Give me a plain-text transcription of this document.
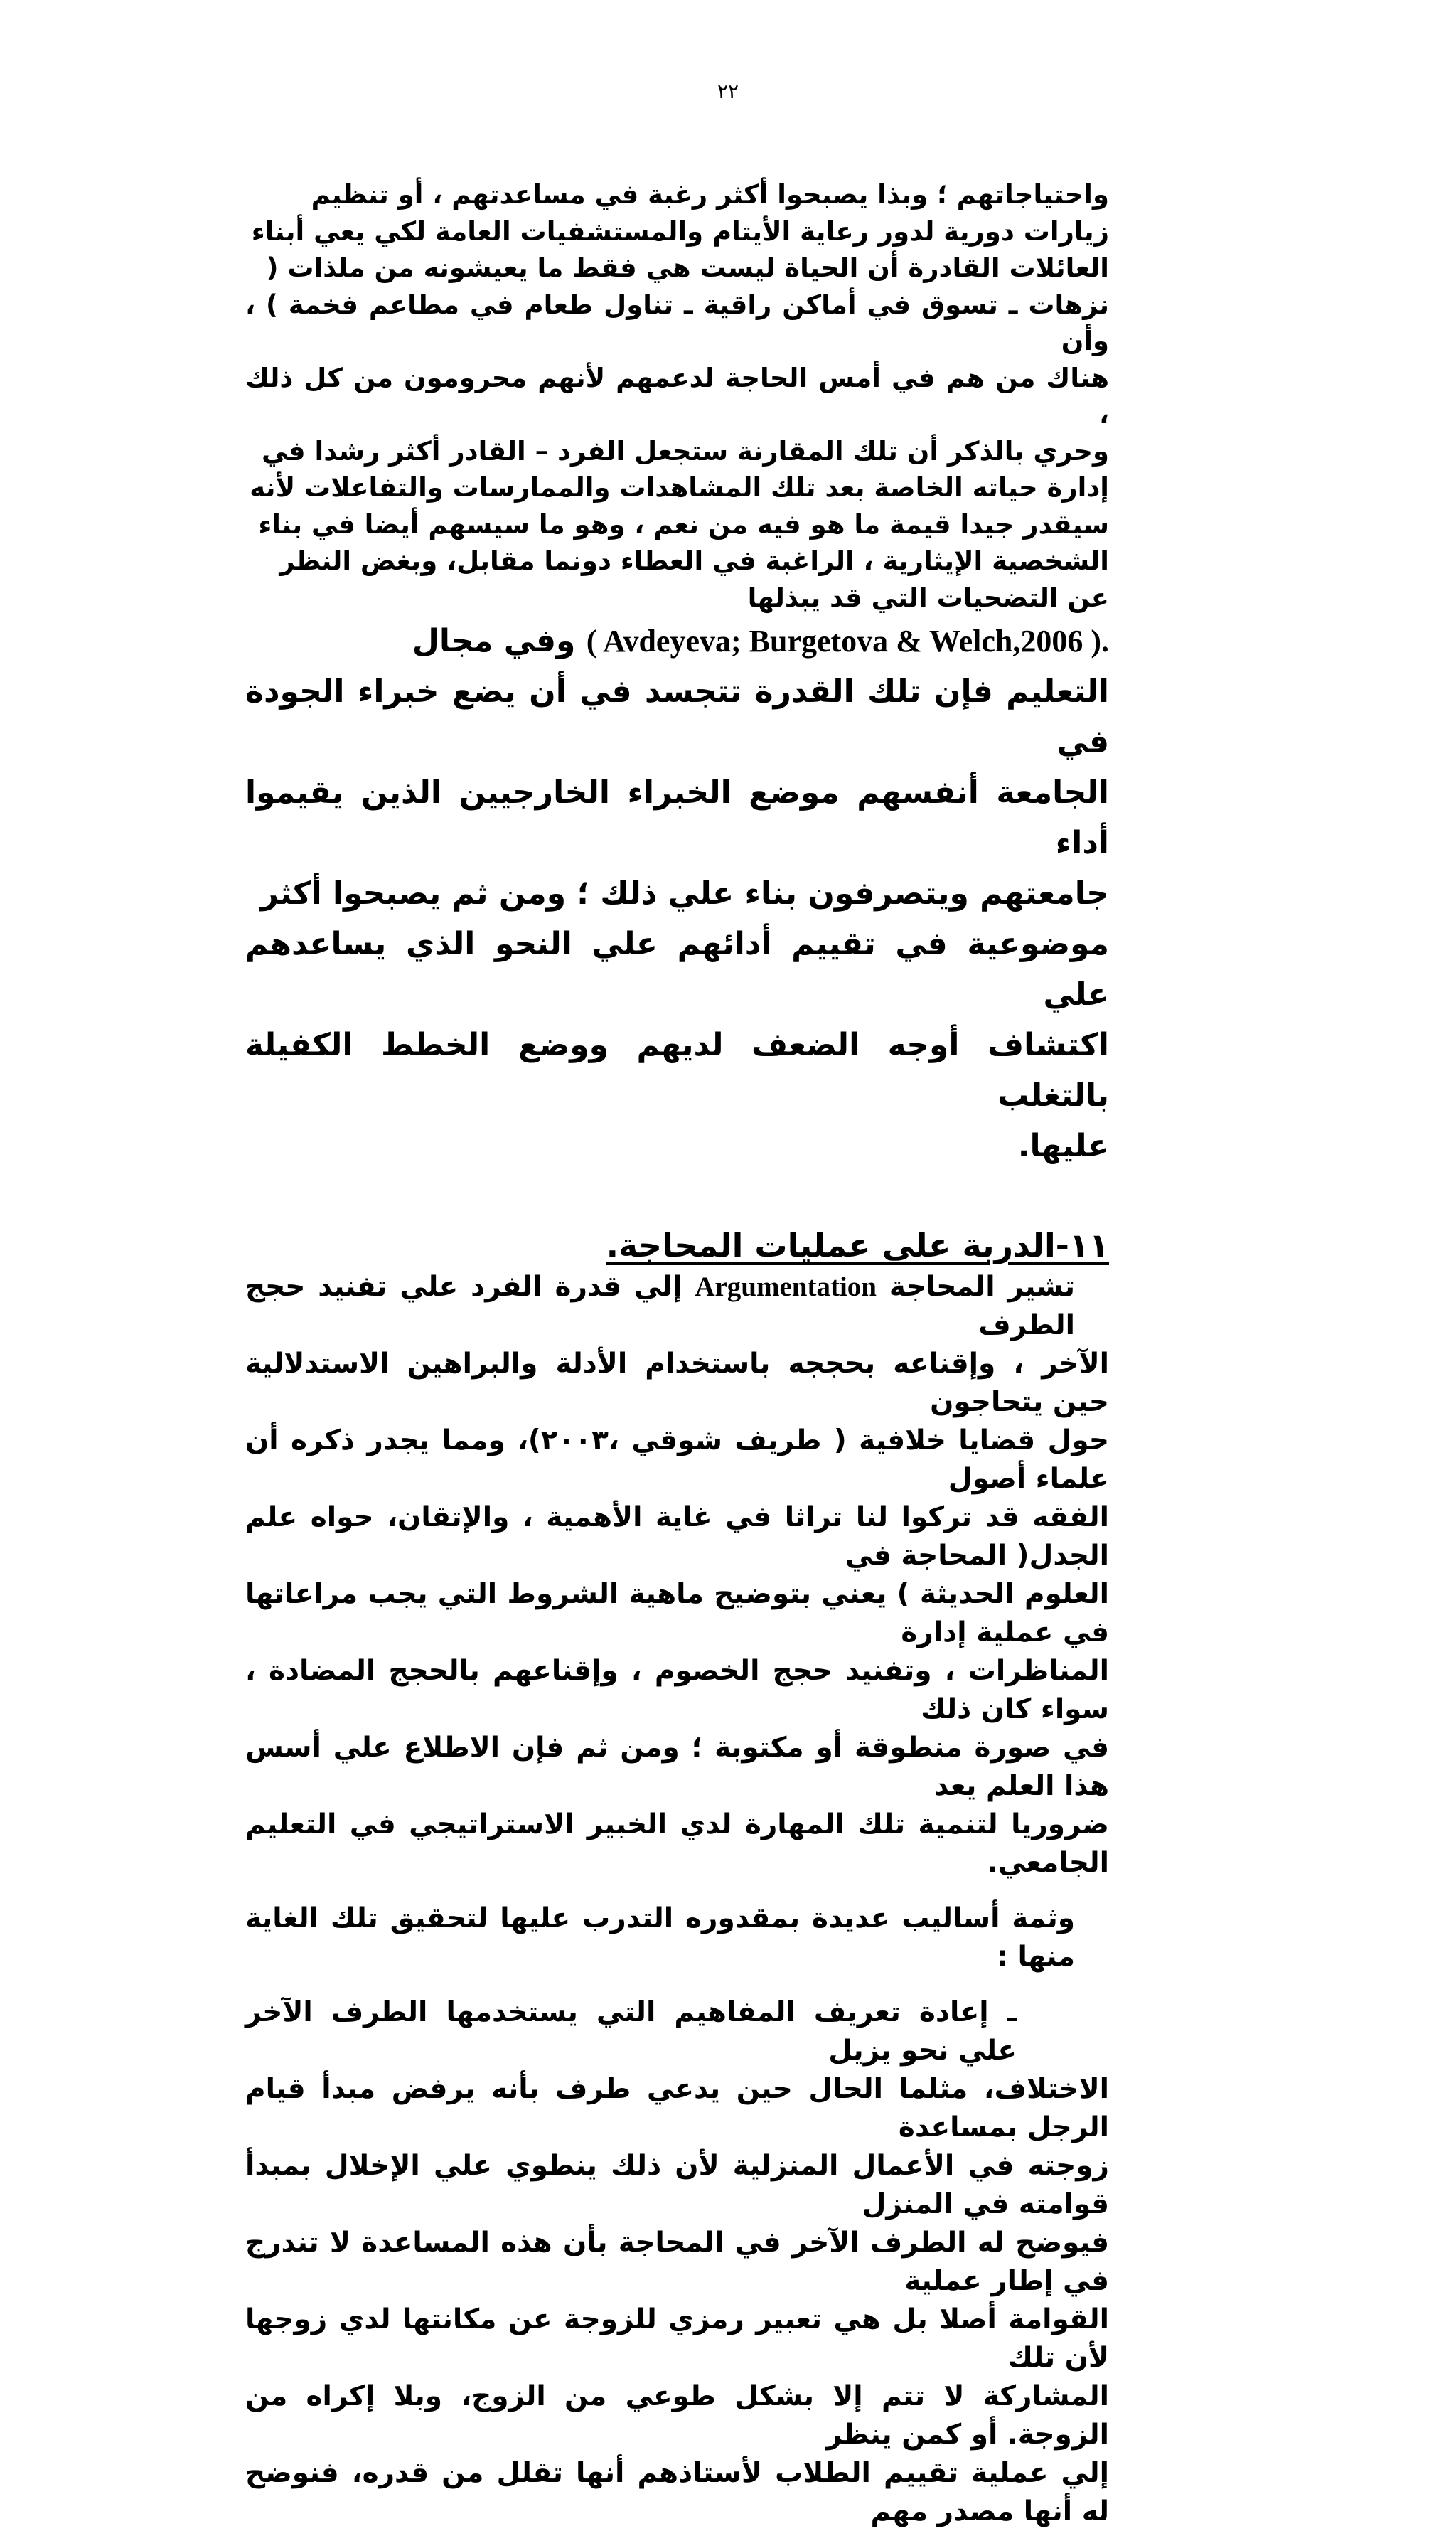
٢٢

واحتياجاتهم ؛ وبذا يصبحوا أكثر رغبة في مساعدتهم ، أو تنظيم
زيارات دورية لدور رعاية الأيتام والمستشفيات العامة لكي يعي أبناء
العائلات القادرة أن الحياة ليست هي فقط ما يعيشونه من ملذات (
نزهات ـ تسوق في أماكن راقية ـ تناول طعام في مطاعم فخمة ) ، وأن
هناك من هم في أمس الحاجة لدعمهم لأنهم محرومون من كل ذلك ،
وحري بالذكر أن تلك المقارنة ستجعل الفرد – القادر أكثر رشدا في
إدارة حياته الخاصة بعد تلك المشاهدات والممارسات والتفاعلات لأنه
سيقدر جيدا قيمة ما هو فيه من نعم ، وهو ما سيسهم أيضا في بناء
الشخصية الإيثارية ، الراغبة في العطاء دونما مقابل، وبغض النظر
عن التضحيات التي قد يبذلها

( Avdeyeva; Burgetova & Welch,2006 ). وفي مجال
التعليم فإن تلك القدرة تتجسد في أن يضع خبراء الجودة في
الجامعة أنفسهم موضع الخبراء الخارجيين الذين يقيموا أداء
جامعتهم ويتصرفون بناء علي ذلك ؛ ومن ثم يصبحوا أكثر
موضوعية في تقييم أدائهم علي النحو الذي يساعدهم علي
اكتشاف أوجه الضعف لديهم ووضع الخطط الكفيلة بالتغلب
عليها.

١١-الدربة على عمليات المحاجة.

تشير المحاجة Argumentation إلي قدرة الفرد علي تفنيد حجج الطرف

الآخر ، وإقناعه بحججه باستخدام الأدلة والبراهين الاستدلالية حين يتحاجون
حول قضايا خلافية ( طريف شوقي ،٢٠٠٣)، ومما يجدر ذكره أن علماء أصول
الفقه قد تركوا لنا تراثا في غاية الأهمية ، والإتقان، حواه علم الجدل( المحاجة في
العلوم الحديثة ) يعني بتوضيح ماهية الشروط التي يجب مراعاتها في عملية إدارة
المناظرات ، وتفنيد حجج الخصوم ، وإقناعهم بالحجج المضادة ، سواء كان ذلك
في صورة منطوقة أو مكتوبة ؛ ومن ثم فإن الاطلاع علي أسس هذا العلم يعد
ضروريا لتنمية تلك المهارة لدي الخبير الاستراتيجي في التعليم الجامعي.

وثمة أساليب عديدة بمقدوره التدرب عليها لتحقيق تلك الغاية منها :

ـ إعادة تعريف المفاهيم التي يستخدمها الطرف الآخر علي نحو يزيل
الاختلاف، مثلما الحال حين يدعي طرف بأنه يرفض مبدأ قيام الرجل بمساعدة
زوجته في الأعمال المنزلية لأن ذلك ينطوي علي الإخلال بمبدأ قوامته في المنزل
فيوضح له الطرف الآخر في المحاجة بأن هذه المساعدة لا تندرج في إطار عملية
القوامة أصلا بل هي تعبير رمزي للزوجة عن مكانتها لدي زوجها لأن تلك
المشاركة لا تتم إلا بشكل طوعي من الزوج، وبلا إكراه من الزوجة. أو كمن ينظر
إلي عملية تقييم الطلاب لأستاذهم أنها تقلل من قدره، فنوضح له أنها مصدر مهم
